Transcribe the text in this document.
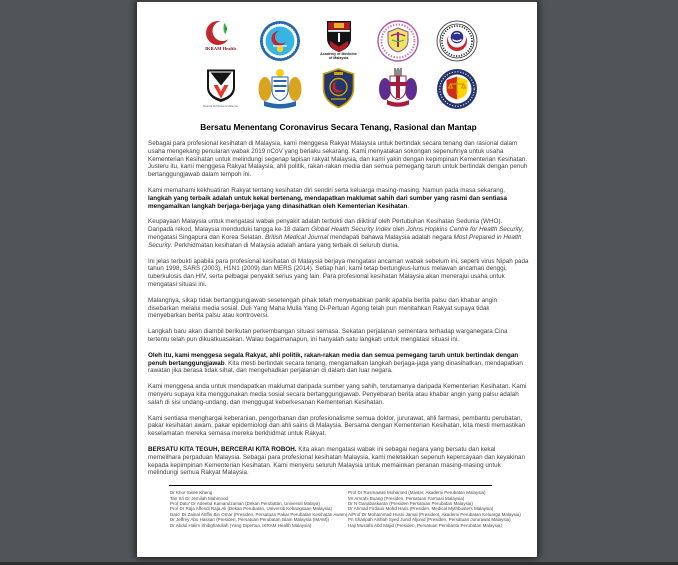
IKRAM Health
Academy of Medicine
of Malaysia
Medical Mythbusters Malaysia
Bersatu Menentang Coronavirus Secara Tenang, Rasional dan Mantap

Sebagai para profesional kesihatan di Malaysia, kami menggesa Rakyat Malaysia untuk bertindak secara tenang dan rasional dalam usaha mengekang penularan wabak 2019 nCoV yang berlaku sekarang. Kami menyatakan sokongan sepenuhnya untuk usaha Kementerian Kesihatan untuk melindungi segenap lapisan rakyat Malaysia, dan kami yakin dengan kepimpinan Kementerian Kesihatan. Justeru itu, kami menggesa Rakyat Malaysia, ahli politik, rakan-rakan media dan semua pemegang taruh untuk bertindak dengan penuh bertanggungjawab dalam tempoh ini.

Kami memahami kekhuatiran Rakyat tentang kesihatan diri sendiri serta keluarga masing-masing. Namun pada masa sekarang, langkah yang terbaik adalah untuk kekal bertenang, mendapatkan maklumat sahih dari sumber yang rasmi dan sentiasa mengamalkan langkah berjaga-berjaga yang dinasihatkan oleh Kementerian Kesihatan.

Keupayaan Malaysia untuk mengatasi wabak penyakit adalah terbukti dan diiktiraf oleh Pertubuhan Kesihatan Sedunia (WHO). Daripada rekod, Malaysia menduduki tangga ke-18 dalam Global Health Security Index oleh Johns Hopkins Centre for Health Security, mengatasi Singapura dan Korea Selatan. British Medical Journal mendapati bahawa Malaysia adalah negara Most Prepared in Health Security. Perkhidmatan kesihatan di Malaysia adalah antara yang terbaik di seluruh dunia.

Ini jelas terbukti apabila para profesional kesihatan di Malaysia berjaya mengatasi ancaman wabak sebelum ini, seperti virus Nipah pada tahun 1998, SARS (2003), H1N1 (2009) dan MERS (2014). Setiap hari, kami tetap bertungkus-lumus melawan ancaman denggi, tuberkulosis dan HIV, serta pelbagai penyakit serius yang lain. Para profesional kesihatan Malaysia akan menerajui usaha untuk mengatasi situasi ini.

Malangnya, sikap tidak bertanggungjawab sesetengah pihak telah menyebabkan panik apabila berita palsu dan khabar angin disebarkan melalui media sosial. Duli Yang Maha Mulia Yang Di-Pertuan Agong telah pun menitahkan Rakyat supaya tidak menyebarkan berita palsu atau kontroversi.

Langkah baru akan diambil berikutan perkembangan situasi semasa. Sekatan perjalanan sementara terhadap warganegara Cina tertentu telah pun dikuatkuasakan. Walau bagaimanapun, ini hanyalah satu langkah untuk mengatasi situasi ini.

Oleh itu, kami menggesa segala Rakyat, ahli politik, rakan-rakan media dan semua pemegang taruh untuk bertindak dengan penuh bertanggungjawab. Kita mesti bertindak secara tenang, mengamalkan langkah berjaga-jaga yang dinasihatkan, mendapatkan rawatan jika berasa tidak sihat, dan mengehadkan perjalanan di dalam dan luar negara.

Kami menggesa anda untuk mendapatkan maklumat daripada sumber yang sahih, terutamanya daripada Kementerian Kesihatan. Kami menyeru supaya kita menggunakan media sosial secara bertanggungjawab. Penyebaran berita atau khabar angin yang palsu adalah salah di sisi undang-undang, dan menggugat keberkesanan Kementerian Kesihatan.

Kami sentiasa menghargai keberanian, pengorbanan dan profesionalisme semua doktor, jururawat, ahli farmasi, pembantu perubatan, pakar kesihatan awam, pakar epidemiologi dan ahli sains di Malaysia. Bersama dengan Kementerian Kesihatan, kita mesti memastikan keselamatan mereka semasa mereka berkhidmat untuk Rakyat.

BERSATU KITA TEGUH, BERCERAI KITA ROBOH. Kita akan mengatasi wabak ini sebagai negara yang bersatu dan kekal memelihara perpaduan Malaysia. Sebagai para profesional kesihatan Malaysia, kami meletakkan sepenuh kepercayaan dan keyakinan kepada kepimpinan Kementerian Kesihatan. Kami menyeru seluruh Malaysia untuk memainkan peranan masing-masing untuk melindungi semua Rakyat Malaysia.

Dr Khor Swee Kheng
Tan Sri Dr Jemilah Mahmood
Prof Dato' Dr Adeeba Kamarulzaman (Dekan Perubatan, Universiti Malaya)
Prof Dr Raja Affendi Raja Ali (Dekan Perubatan, Universiti Kebangsaan Malaysia)
Dato' Dr Zainal Ariffin Bin Omar (Presiden, Persatuan Pakar Perubatan Kesihatan Awam)
Dr Jeffrey Abu Hassan (Presiden, Persatuan Perubatan Islam Malaysia (IMAM))
Dr Abdul Halim Shibghatullah (Yang Dipertua, IKRAM Health Malaysia)
Prof Dr Rosmawati Mohamed (Master, Akademi Perubatan Malaysia)
Mr Amrahi Buang (Presiden, Persatuan Farmasi Malaysia)
Dr N Ganabaskaran (Presiden Persatuan Perubatan Malaysia)
Dr Ahmad Firdaus Mohd Haris (Presiden, Medical Mythbusters Malaysia)
A/Prof Dr Mohammad Husni Jamal (President, Akademi Perubatan Keluarga Malaysia)
Pn Sharipah Aishah Syed Junid Aljunid (Presiden, Persatuan Jururawat Malaysia)
Haji Mustafa Abd Majid (Presiden, Persatuan Pembantu Perubatan Malaysia)
